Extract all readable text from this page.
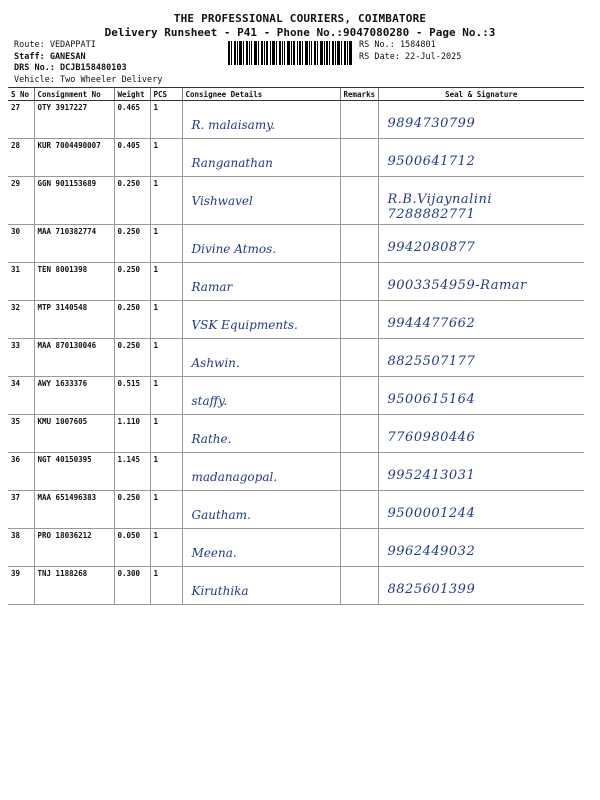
THE PROFESSIONAL COURIERS, COIMBATORE
Delivery Runsheet - P41 - Phone No.:9047080280 - Page No.:3
Route: VEDAPPATI
Staff: GANESAN
DRS No.: DCJB158480103
Vehicle: Two Wheeler Delivery
RS No.: 1584801
RS Date: 22-Jul-2025
S No	Consignment No	Weight	PCS	Consignee Details	Remarks	Seal & Signature
27	OTY 3917227	0.465	1	R. malaisamy.		9894730799

28	KUR 7004490007	0.405	1	Ranganathan		9500641712

29	GGN 901153689	0.250	1	Vishwavel		R.B.Vijaynalini 7288882771

30	MAA 710382774	0.250	1	Divine Atmos.		9942080877

31	TEN 8001398	0.250	1	Ramar		9003354959-Ramar

32	MTP 3140548	0.250	1	VSK Equipments.		9944477662

33	MAA 870130046	0.250	1	Ashwin.		8825507177

34	AWY 1633376	0.515	1	staffy.		9500615164

35	KMU 1007605	1.110	1	Rathe.		7760980446

36	NGT 40150395	1.145	1	madanagopal.		9952413031

37	MAA 651496383	0.250	1	Gautham.		9500001244

38	PRO 18036212	0.050	1	Meena.		9962449032

39	TNJ 1188268	0.300	1	Kiruthika		8825601399
